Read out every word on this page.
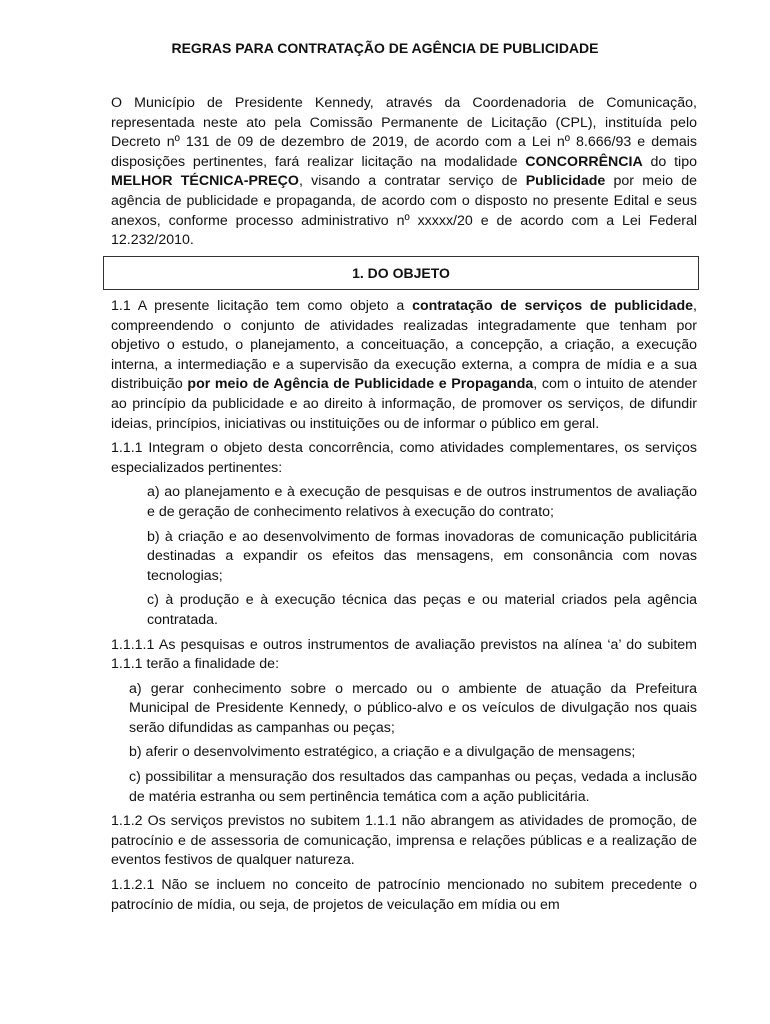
REGRAS PARA CONTRATAÇÃO DE AGÊNCIA DE PUBLICIDADE

O Município de Presidente Kennedy, através da Coordenadoria de Comunicação, representada neste ato pela Comissão Permanente de Licitação (CPL), instituída pelo Decreto nº 131 de 09 de dezembro de 2019, de acordo com a Lei nº 8.666/93 e demais disposições pertinentes, fará realizar licitação na modalidade CONCORRÊNCIA do tipo MELHOR TÉCNICA-PREÇO, visando a contratar serviço de Publicidade por meio de agência de publicidade e propaganda, de acordo com o disposto no presente Edital e seus anexos, conforme processo administrativo nº xxxxx/20 e de acordo com a Lei Federal 12.232/2010.

1. DO OBJETO

1.1 A presente licitação tem como objeto a contratação de serviços de publicidade, compreendendo o conjunto de atividades realizadas integradamente que tenham por objetivo o estudo, o planejamento, a conceituação, a concepção, a criação, a execução interna, a intermediação e a supervisão da execução externa, a compra de mídia e a sua distribuição por meio de Agência de Publicidade e Propaganda, com o intuito de atender ao princípio da publicidade e ao direito à informação, de promover os serviços, de difundir ideias, princípios, iniciativas ou instituições ou de informar o público em geral.

1.1.1 Integram o objeto desta concorrência, como atividades complementares, os serviços especializados pertinentes:

a) ao planejamento e à execução de pesquisas e de outros instrumentos de avaliação e de geração de conhecimento relativos à execução do contrato;

b) à criação e ao desenvolvimento de formas inovadoras de comunicação publicitária destinadas a expandir os efeitos das mensagens, em consonância com novas tecnologias;

c) à produção e à execução técnica das peças e ou material criados pela agência contratada.

1.1.1.1 As pesquisas e outros instrumentos de avaliação previstos na alínea ‘a’ do subitem 1.1.1 terão a finalidade de:

a) gerar conhecimento sobre o mercado ou o ambiente de atuação da Prefeitura Municipal de Presidente Kennedy, o público-alvo e os veículos de divulgação nos quais serão difundidas as campanhas ou peças;

b) aferir o desenvolvimento estratégico, a criação e a divulgação de mensagens;

c) possibilitar a mensuração dos resultados das campanhas ou peças, vedada a inclusão de matéria estranha ou sem pertinência temática com a ação publicitária.

1.1.2 Os serviços previstos no subitem 1.1.1 não abrangem as atividades de promoção, de patrocínio e de assessoria de comunicação, imprensa e relações públicas e a realização de eventos festivos de qualquer natureza.

1.1.2.1 Não se incluem no conceito de patrocínio mencionado no subitem precedente o patrocínio de mídia, ou seja, de projetos de veiculação em mídia ou em
